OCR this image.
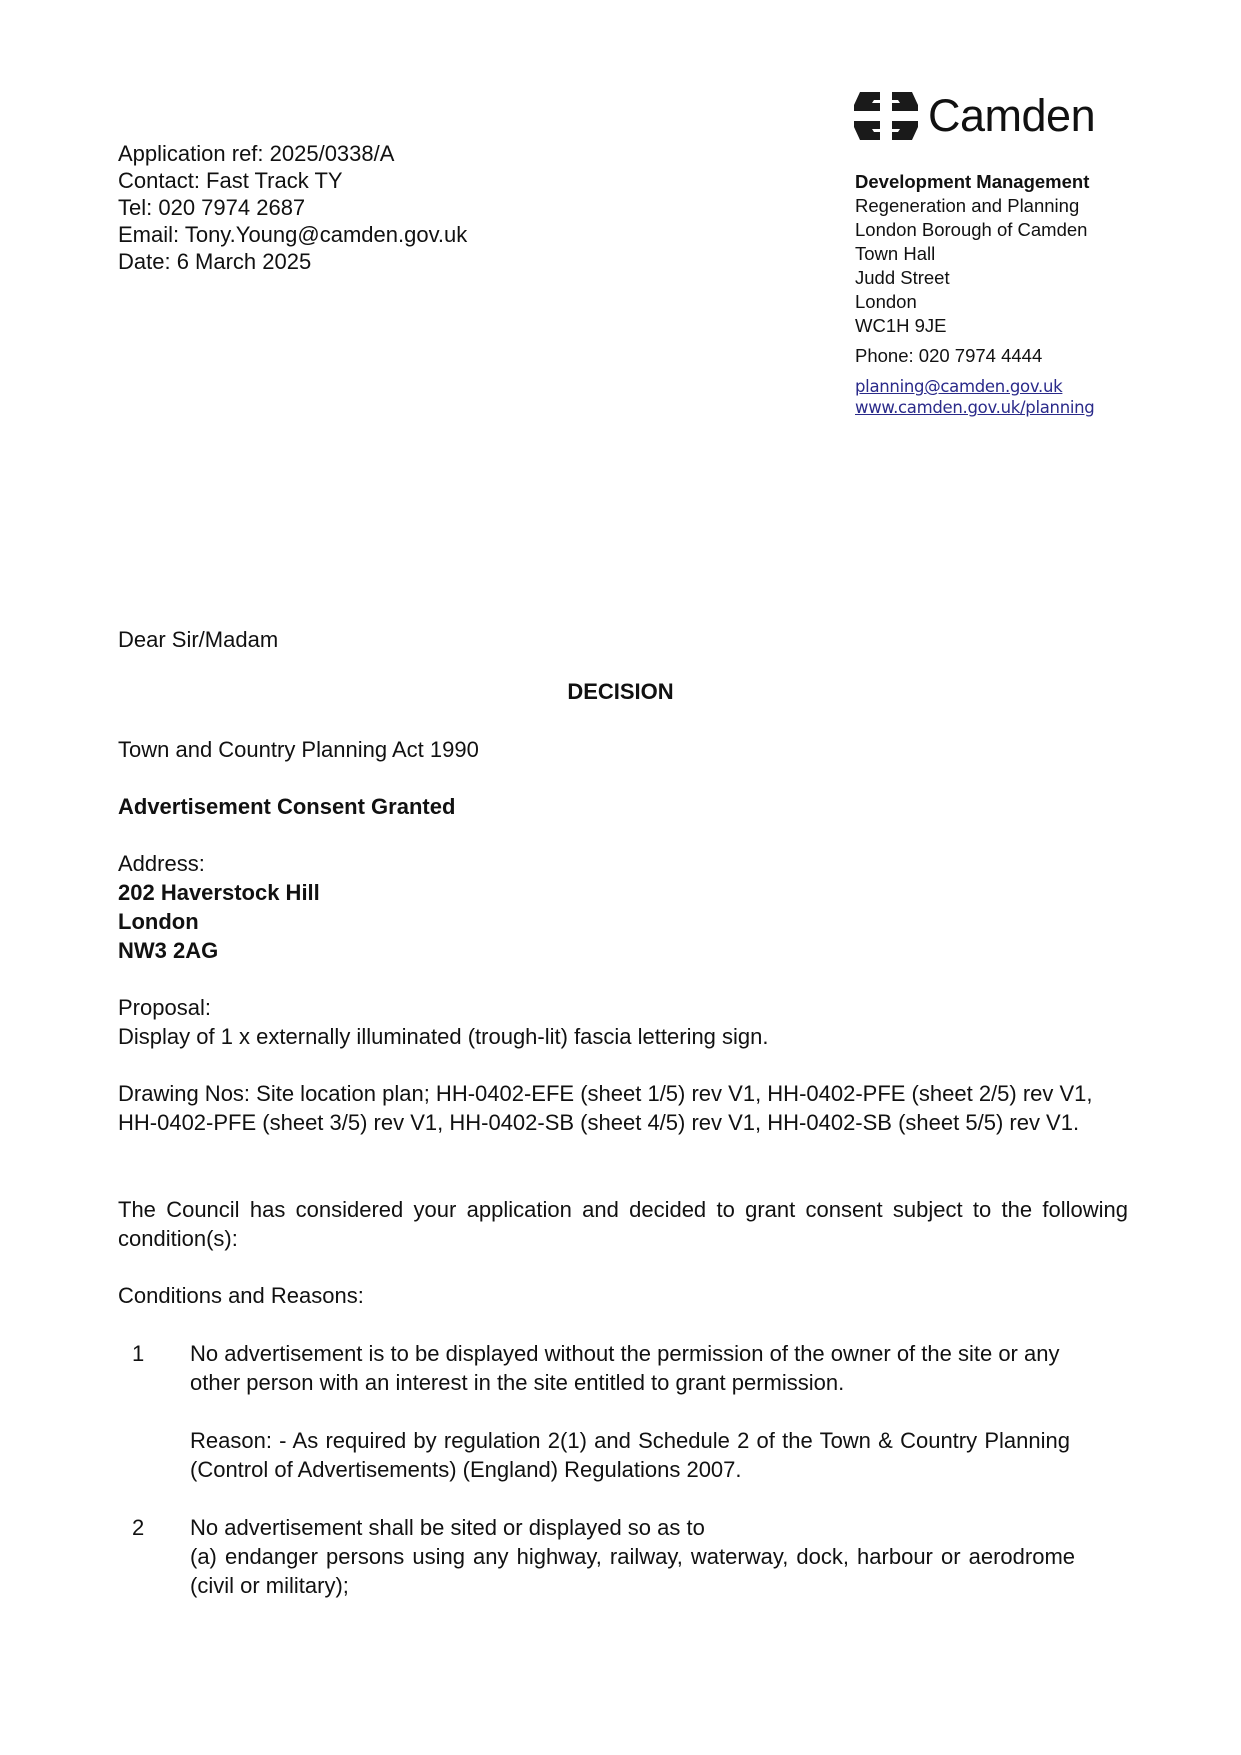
Camden
Application ref: 2025/0338/A
Contact: Fast Track TY
Tel: 020 7974 2687
Email: Tony.Young@camden.gov.uk
Date: 6 March 2025
Development Management
Regeneration and Planning
London Borough of Camden
Town Hall
Judd Street
London
WC1H 9JE
Phone: 020 7974 4444
planning@camden.gov.uk
www.camden.gov.uk/planning
Dear Sir/Madam
DECISION
Town and Country Planning Act 1990
Advertisement Consent Granted
Address:
202 Haverstock Hill
London
NW3 2AG
Proposal:
Display of 1 x externally illuminated (trough-lit) fascia lettering sign.
Drawing Nos: Site location plan; HH-0402-EFE (sheet 1/5) rev V1, HH-0402-PFE (sheet 2/5) rev V1, HH-0402-PFE (sheet 3/5) rev V1, HH-0402-SB (sheet 4/5) rev V1, HH-0402-SB (sheet 5/5) rev V1.
The Council has considered your application and decided to grant consent subject to the following condition(s):
Conditions and Reasons:
1 No advertisement is to be displayed without the permission of the owner of the site or any other person with an interest in the site entitled to grant permission.
Reason: - As required by regulation 2(1) and Schedule 2 of the Town & Country Planning (Control of Advertisements) (England) Regulations 2007.
2 No advertisement shall be sited or displayed so as to
(a) endanger persons using any highway, railway, waterway, dock, harbour or aerodrome (civil or military);
